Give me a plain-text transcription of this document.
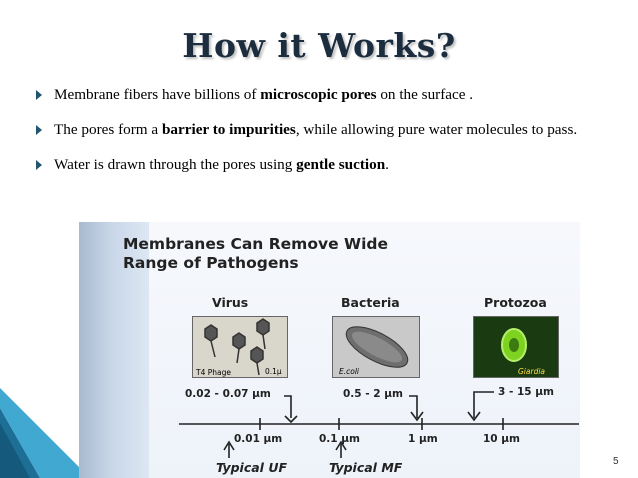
How it Works?
Membrane fibers have billions of microscopic pores on the surface .
The pores form a barrier to impurities, while allowing pure water molecules to pass.
Water is drawn through the pores using gentle suction.
Membranes Can Remove Wide
Range of Pathogens
Virus	Bacteria	Protozoa
T4 Phage	0.1μ	E.coli	Giardia
0.02 - 0.07 μm	0.5 - 2 μm	3 - 15 μm
0.01 μm	0.1 μm	1 μm	10 μm
Typical UF	Typical MF	5
